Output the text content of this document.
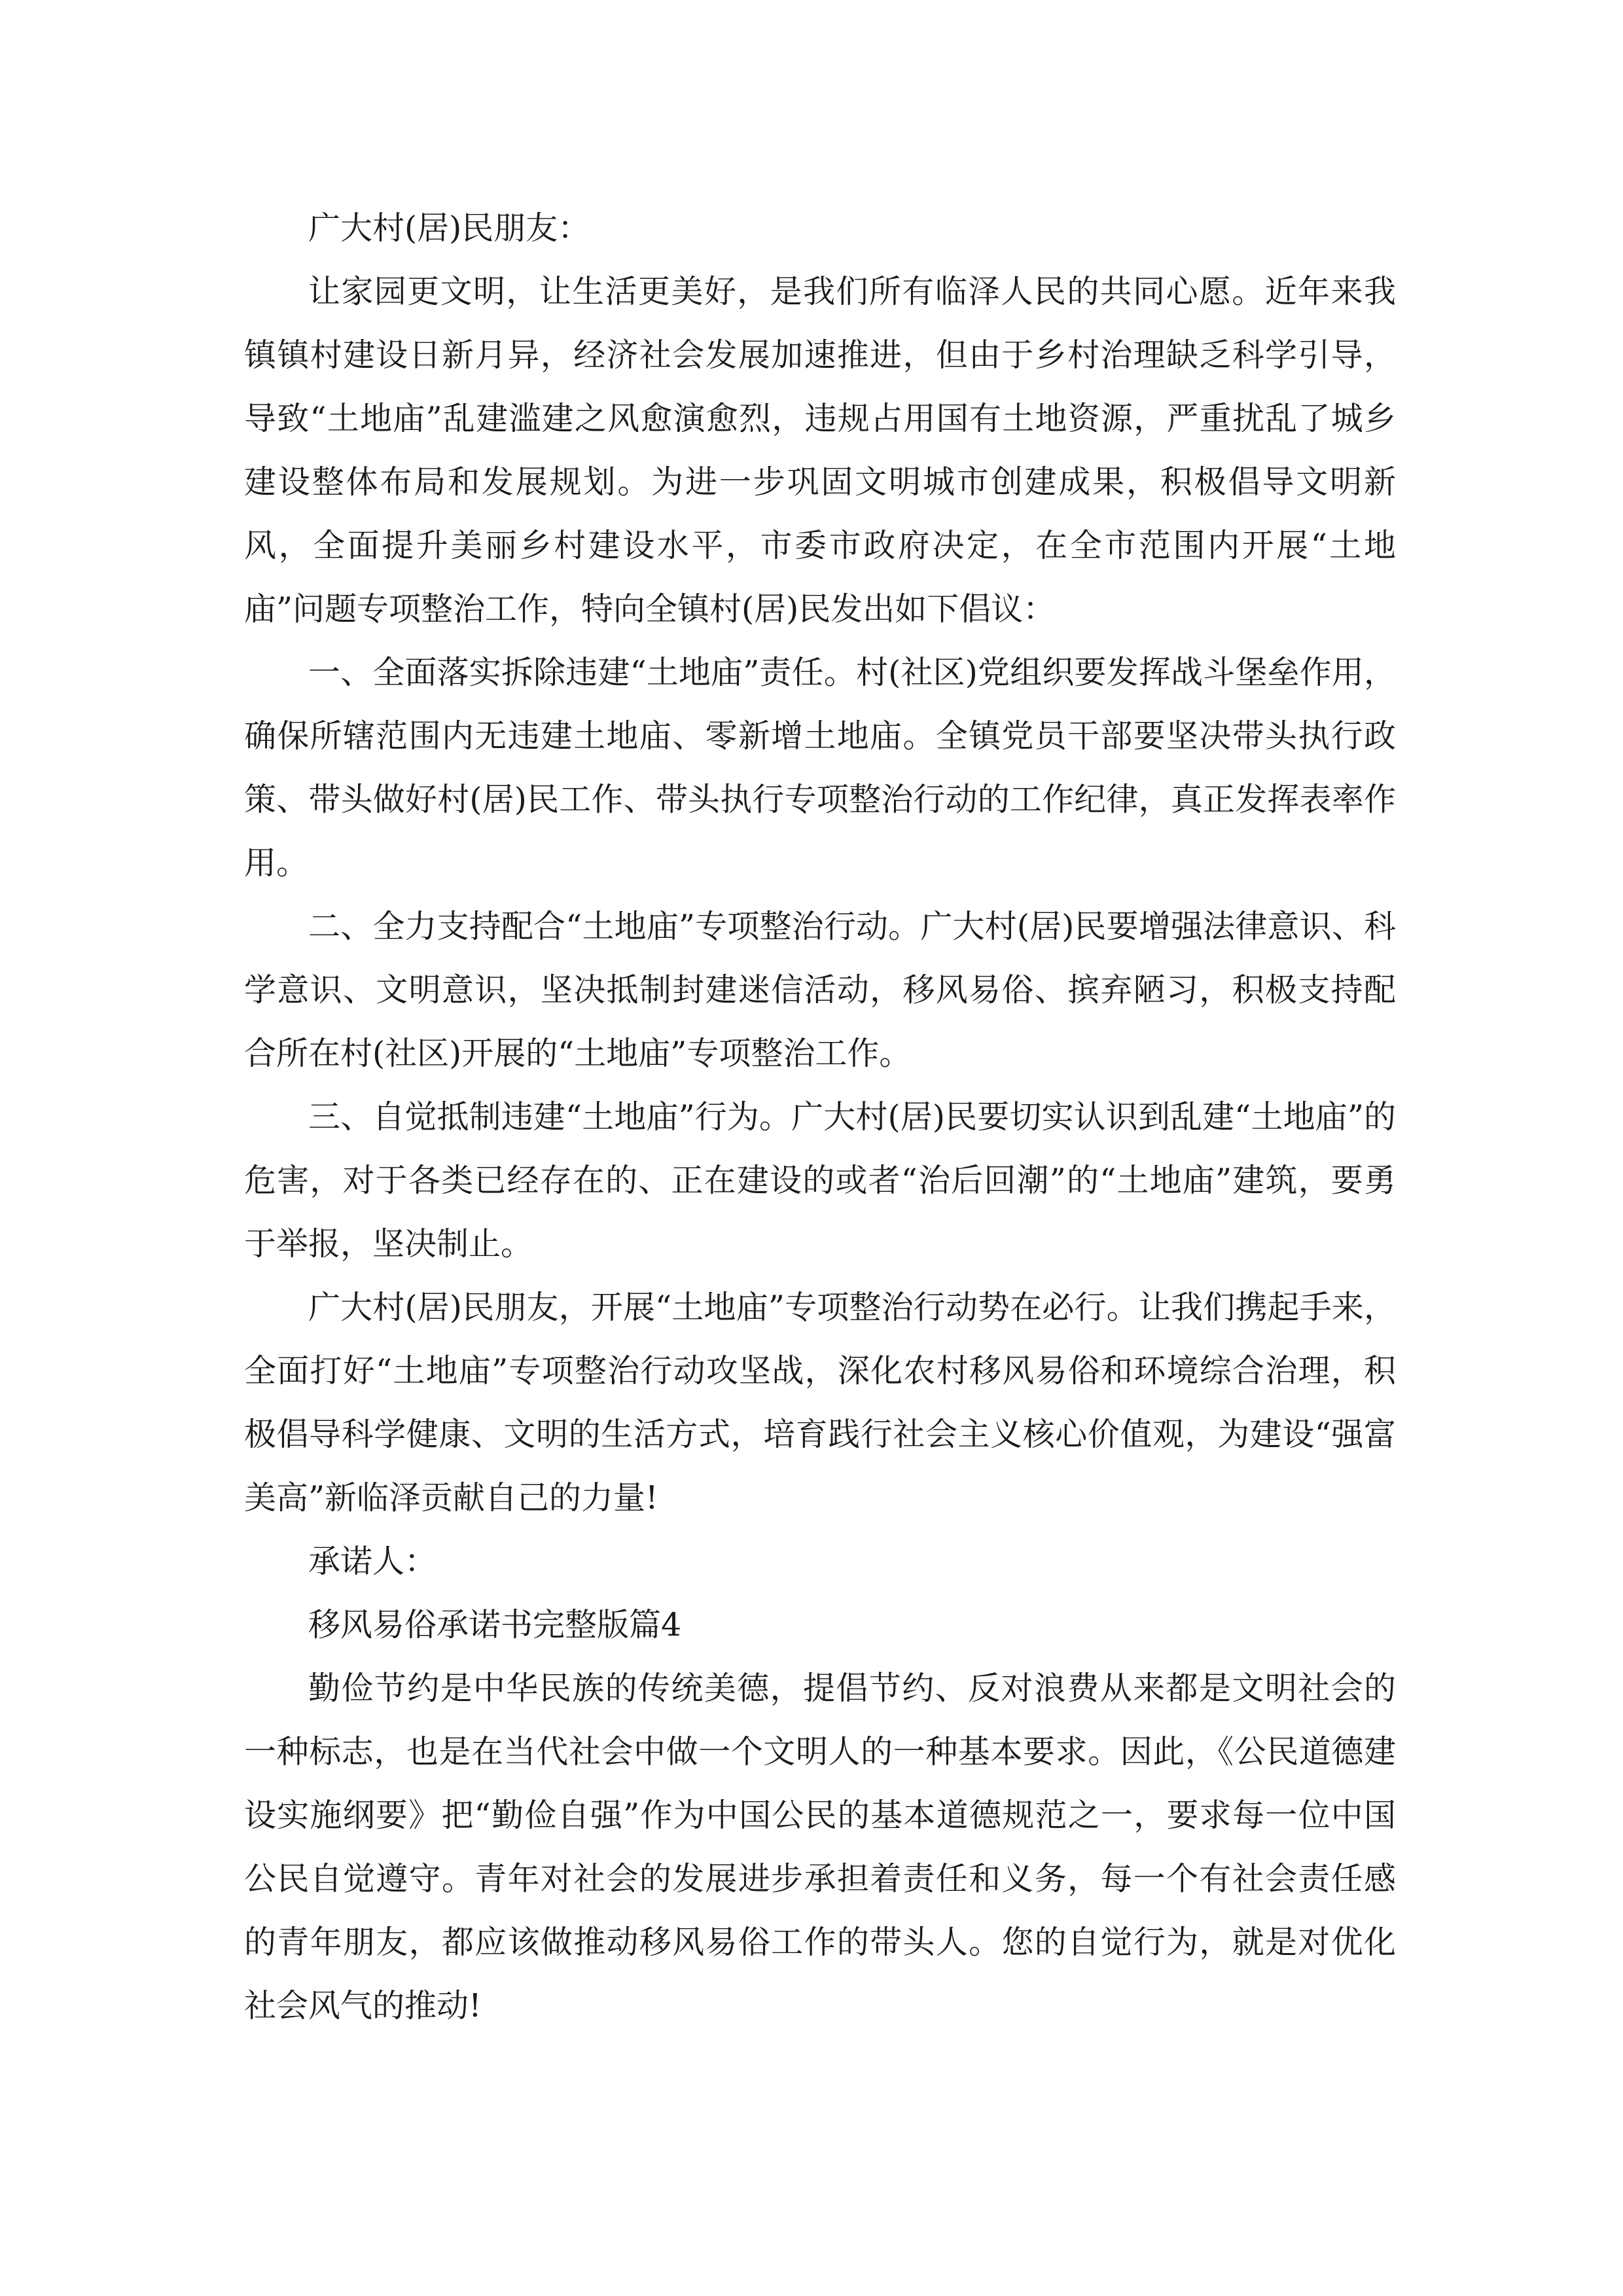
广大村(居)民朋友：

让家园更文明，让生活更美好，是我们所有临泽人民的共同心愿。近年来我镇镇村建设日新月异，经济社会发展加速推进，但由于乡村治理缺乏科学引导，导致“土地庙”乱建滥建之风愈演愈烈，违规占用国有土地资源，严重扰乱了城乡建设整体布局和发展规划。为进一步巩固文明城市创建成果，积极倡导文明新风，全面提升美丽乡村建设水平，市委市政府决定，在全市范围内开展“土地庙”问题专项整治工作，特向全镇村(居)民发出如下倡议：

一、全面落实拆除违建“土地庙”责任。村(社区)党组织要发挥战斗堡垒作用，确保所辖范围内无违建土地庙、零新增土地庙。全镇党员干部要坚决带头执行政策、带头做好村(居)民工作、带头执行专项整治行动的工作纪律，真正发挥表率作用。

二、全力支持配合“土地庙”专项整治行动。广大村(居)民要增强法律意识、科学意识、文明意识，坚决抵制封建迷信活动，移风易俗、摈弃陋习，积极支持配合所在村(社区)开展的“土地庙”专项整治工作。

三、自觉抵制违建“土地庙”行为。广大村(居)民要切实认识到乱建“土地庙”的危害，对于各类已经存在的、正在建设的或者“治后回潮”的“土地庙”建筑，要勇于举报，坚决制止。

广大村(居)民朋友，开展“土地庙”专项整治行动势在必行。让我们携起手来，全面打好“土地庙”专项整治行动攻坚战，深化农村移风易俗和环境综合治理，积极倡导科学健康、文明的生活方式，培育践行社会主义核心价值观，为建设“强富美高”新临泽贡献自己的力量!

承诺人：

移风易俗承诺书完整版篇4

勤俭节约是中华民族的传统美德，提倡节约、反对浪费从来都是文明社会的一种标志，也是在当代社会中做一个文明人的一种基本要求。因此，《公民道德建设实施纲要》把“勤俭自强”作为中国公民的基本道德规范之一，要求每一位中国公民自觉遵守。青年对社会的发展进步承担着责任和义务，每一个有社会责任感的青年朋友，都应该做推动移风易俗工作的带头人。您的自觉行为，就是对优化社会风气的推动!
